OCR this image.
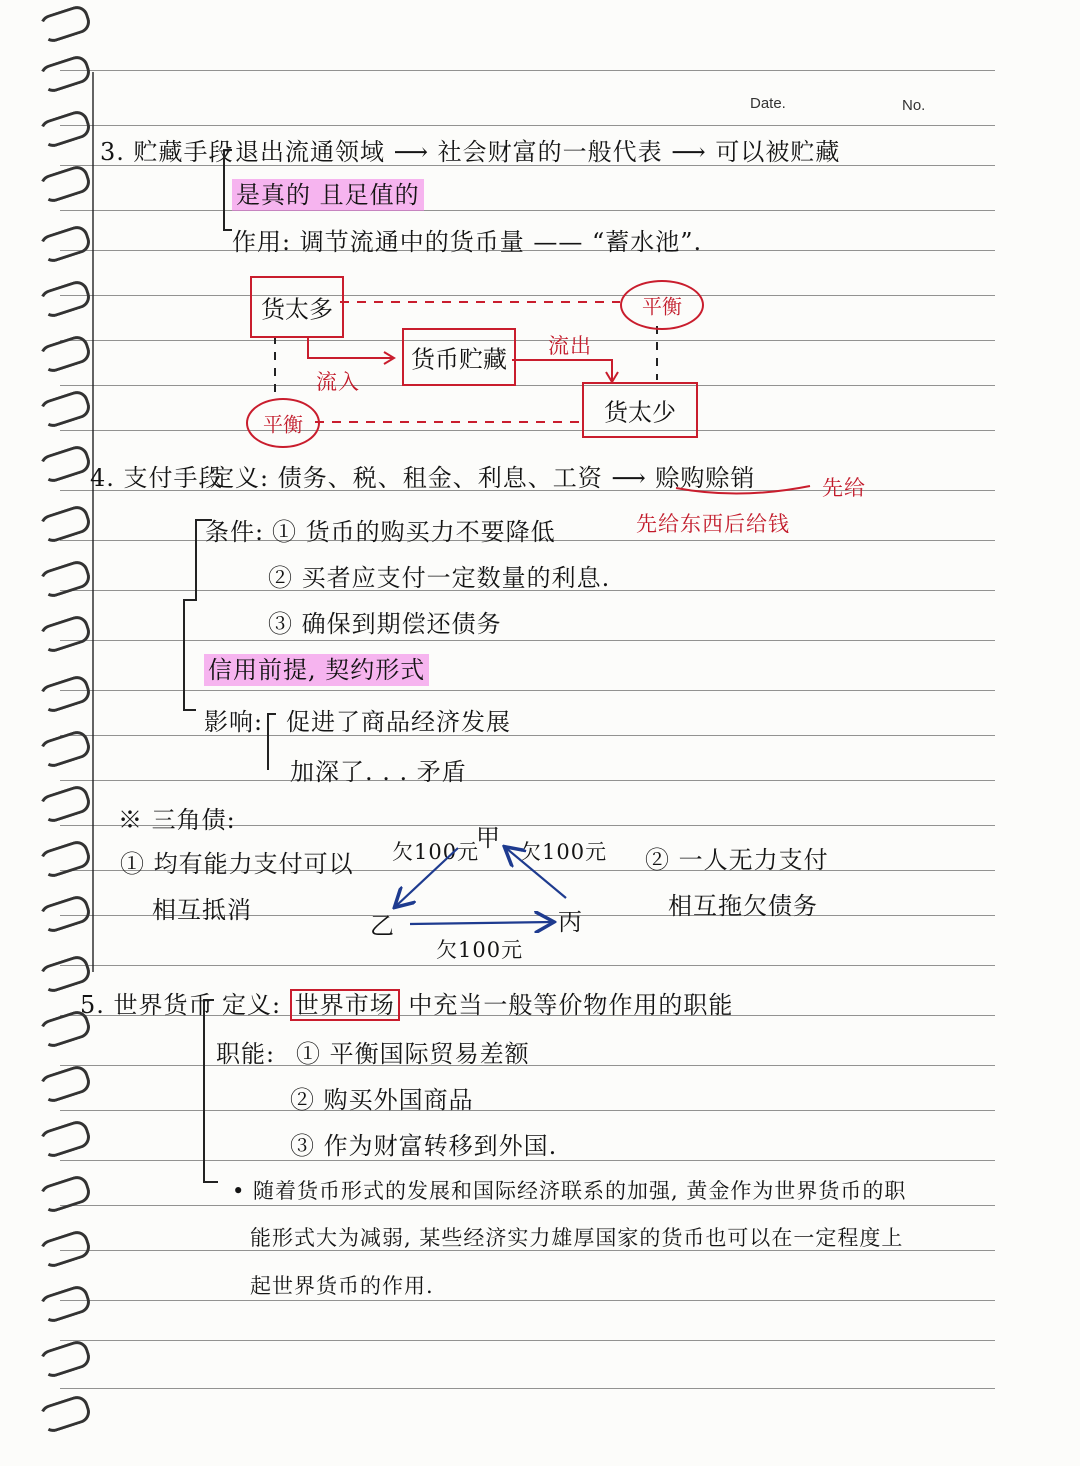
Date.	No.
3. 贮藏手段 退出流通领域 ⟶ 社会财富的一般代表 ⟶ 可以被贮藏
是真的 且足值的
作用: 调节流通中的货币量 —— “蓄水池”.
货太多
货币贮藏
货太少
平衡
平衡
流入
流出
4. 支付手段
定义: 债务、税、租金、利息、工资 ⟶ 赊购赊销	先给
先给东西后给钱
条件: ① 货币的购买力不要降低
② 买者应支付一定数量的利息.
③ 确保到期偿还债务
信用前提, 契约形式
影响: 促进了商品经济发展
加深了. . . 矛盾
※ 三角债:
① 均有能力支付可以
相互抵消
② 一人无力支付
相互拖欠债务
甲
乙	丙
欠100元 欠100元
欠100元
5. 世界货币 定义: 世界市场 中充当一般等价物作用的职能
职能: ① 平衡国际贸易差额
② 购买外国商品
③ 作为财富转移到外国.
• 随着货币形式的发展和国际经济联系的加强, 黄金作为世界货币的职
能形式大为减弱, 某些经济实力雄厚国家的货币也可以在一定程度上
起世界货币的作用.
